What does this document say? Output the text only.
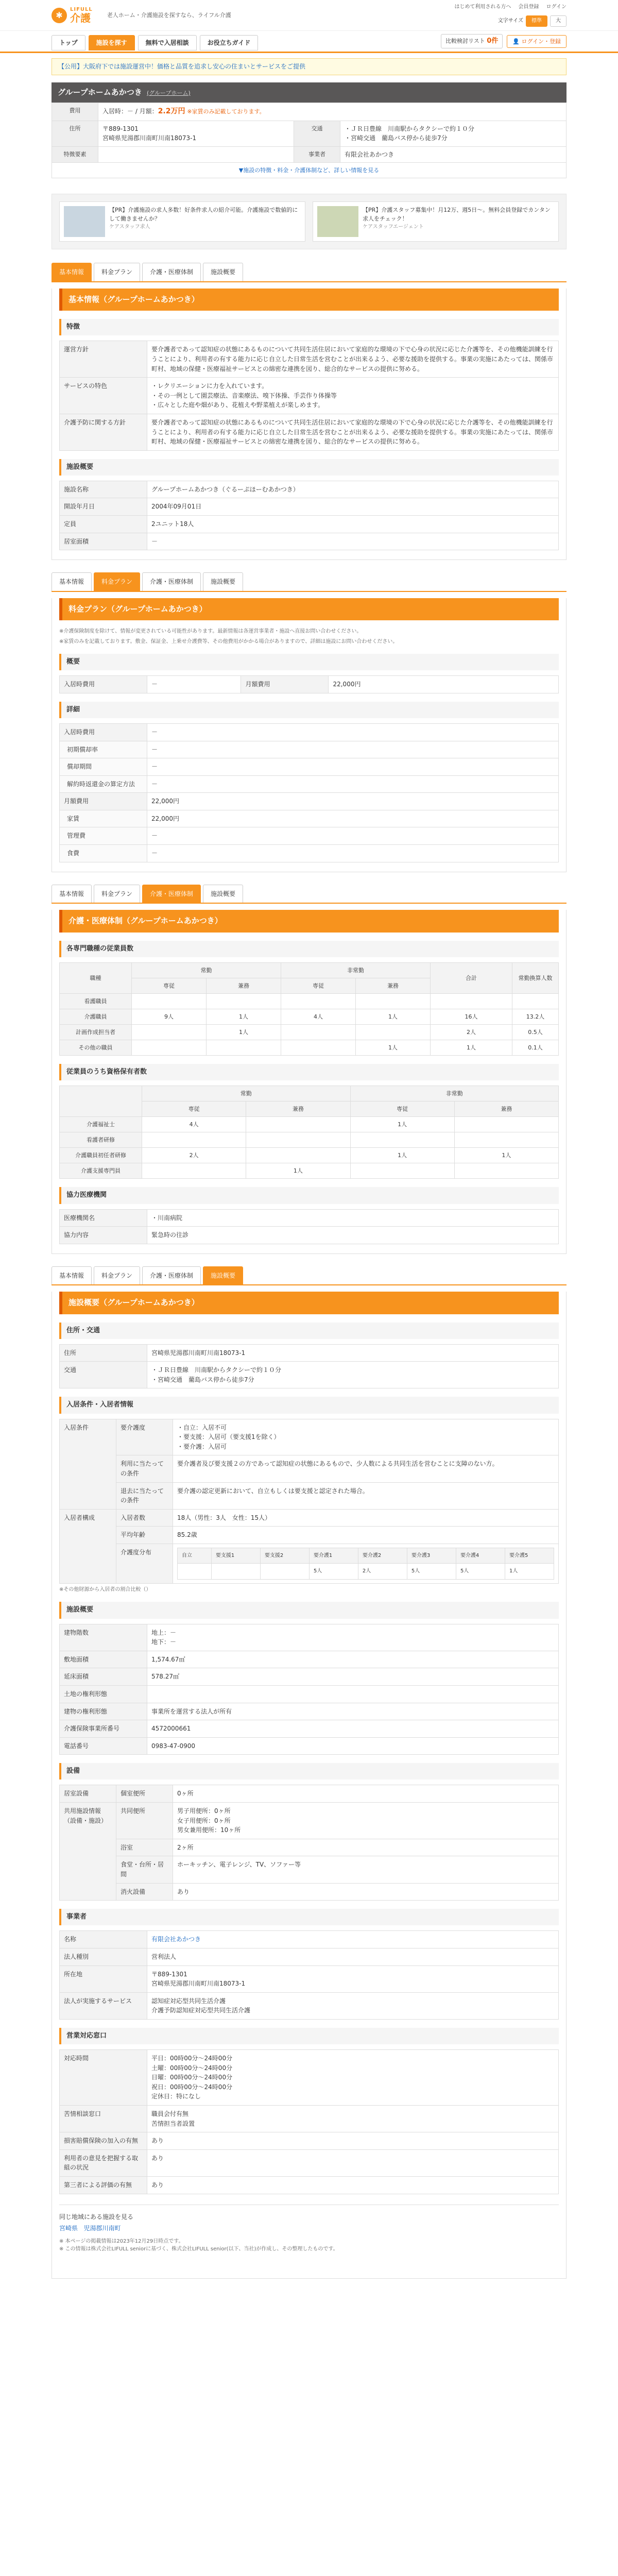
✱
LIFULL
介護	老人ホーム・介護施設を探すなら、ライフル介護
はじめて利用される方へ 会員登録 ログイン
文字サイズ	標準	大
トップ	施設を探す	無料で入居相談	お役立ちガイド	比較検討リスト 0件	👤 ログイン・登録
【公用】大阪府下では施設運営中！価格と品質を追求し安心の住まいとサービスをご提供
グループホームあかつき (グループホーム)
費用	入居時：－ / 月額：2.2万円 ※家賃のみ記載しております。		
住所	〒889-1301
宮崎県児湯郡川南町川南18073-1	交通	・ＪＲ日豊線　川南駅からタクシーで約１０分
・宮崎交通　藺島バス停から徒歩7分
特徴要素		事業者	有限会社あかつき
▼施設の特徴・料金・介護体制など、詳しい情報を見る
【PR】介護施設の求人多数！好条件求人の紹介可能。介護施設で数値的にして働きませんか？
ケアスタッフ求人
【PR】介護スタッフ募集中！月12万、週5日〜。無料会員登録でカンタン求人をチェック！
ケアスタッフエージェント
基本情報	料金プラン	介護・医療体制	施設概要
基本情報（グループホームあかつき）
特徴
運営方針	要介護者であって認知症の状態にあるものについて共同生活住居において家庭的な環境の下で心身の状況に応じた介護等を、その他機能訓練を行うことにより、利用者の有する能力に応じ自立した日常生活を営むことが出来るよう、必要な援助を提供する。事業の実施にあたっては、関係市町村、地域の保健・医療福祉サービスとの綿密な連携を図り、総合的なサービスの提供に努める。
サービスの特色	・レクリエーションに力を入れています。
・その一例として園芸療法、音楽療法、嗅下体操、手芸作り体操等
・広々とした庭や畑があり、花植えや野菜植えが楽しめます。
介護予防に関する方針	要介護者であって認知症の状態にあるものについて共同生活住居において家庭的な環境の下で心身の状況に応じた介護等を、その他機能訓練を行うことにより、利用者の有する能力に応じ自立した日常生活を営むことが出来るよう、必要な援助を提供する。事業の実施にあたっては、関係市町村、地域の保健・医療福祉サービスとの綿密な連携を図り、総合的なサービスの提供に努める。
施設概要
施設名称	グループホームあかつき（ぐるーぷほーむあかつき）
開設年月日	2004年09月01日
定員	2ユニット18人
居室面積	－
基本情報	料金プラン	介護・医療体制	施設概要
料金プラン（グループホームあかつき）
※介護保険制度を除けて、情報が変更されている可能性があります。最新情報は各運営事業者・施設へ直接お問い合わせください。
※家賃のみを記載しております。敷金、保証金、上乗せ介護費等、その他費用がかかる場合がありますので、詳細は施設にお問い合わせください。
概要
入居時費用	－	月額費用	22,000円
詳細
入居時費用	－
初期償却率	－
償却期間	－
解約時返還金の算定方法	－
月額費用	22,000円
家賃	22,000円
管理費	－
食費	－
基本情報	料金プラン	介護・医療体制	施設概要
介護・医療体制（グループホームあかつき）
各専門職種の従業員数
職種	常勤		非常勤		合計	常勤換算人数
	専従	兼務	専従	兼務		
看護職員						
介護職員	9人	1人	4人	1人	16人	13.2人
計画作成担当者		1人			2人	0.5人
その他の職員				1人	1人	0.1人
従業員のうち資格保有者数
	常勤		非常勤	
	専従	兼務	専従	兼務
介護福祉士	4人		1人	
看護者研修				
介護職員初任者研修	2人		1人	1人
介護支援専門員		1人		
協力医療機関
医療機関名	・川南病院
協力内容	緊急時の往診
基本情報	料金プラン	介護・医療体制	施設概要
施設概要（グループホームあかつき）
住所・交通
住所	宮崎県児湯郡川南町川南18073-1
交通	・ＪＲ日豊線　川南駅からタクシーで約１０分
・宮崎交通　藺島バス停から徒歩7分
入居条件・入居者情報
入居条件	要介護度	・自立：入居不可
・要支援：入居可（要支援1を除く）
・要介護：入居可
利用に当たっての条件	要介護者及び要支援２の方であって認知症の状態にあるもので、少人数による共同生活を営むことに支障のない方。
退去に当たっての条件	要介護の認定更新において、自立もしくは要支援と認定された場合。
入居者構成	入居者数	18人（男性：3人　女性：15人）
平均年齢	85.2歳
介護度分布		自立	要支援1	要支援2	要介護1	要介護2	要介護3	要介護4	要介護5
			5人	2人	5人	5人	1人
※その他財源から入居者の割合比較（）
施設概要
建物階数	地上：－
地下：－
敷地面積	1,574.67㎡
延床面積	578.27㎡
土地の権利形態	
建物の権利形態	事業所を運営する法人が所有
介護保険事業所番号	4572000661
電話番号	0983-47-0900
設備
居室設備	個室便所	0ヶ所
共用施設情報（設備・施設）	共同便所	男子用便所：0ヶ所
女子用便所：0ヶ所
男女兼用便所：10ヶ所
	浴室	2ヶ所
	食堂・台所・居間	ホーキッチン、電子レンジ、TV、ソファー等
	消火設備	あり
事業者
名称	有限会社あかつき
法人種別	営利法人
所在地	〒889-1301
宮崎県児湯郡川南町川南18073-1
法人が実施するサービス	認知症対応型共同生活介護
介護予防認知症対応型共同生活介護
営業対応窓口
対応時間	平日：00時00分～24時00分
土曜：00時00分～24時00分
日曜：00時00分～24時00分
祝日：00時00分～24時00分
定休日：特になし
苦情相談窓口	職員会付有無
苦情担当者設置
損害賠償保険の加入の有無	あり
利用者の意見を把握する取組の状況	あり
第三者による評価の有無	あり
同じ地域にある施設を見る
宮崎県 児湯郡川南町
※ 本ページの掲載情報は2023年12月29日時点です。
※ この情報は株式会社LIFULL seniorに基づく、株式会社LIFULL senior(以下、当社)が作成し、その整理したものです。
